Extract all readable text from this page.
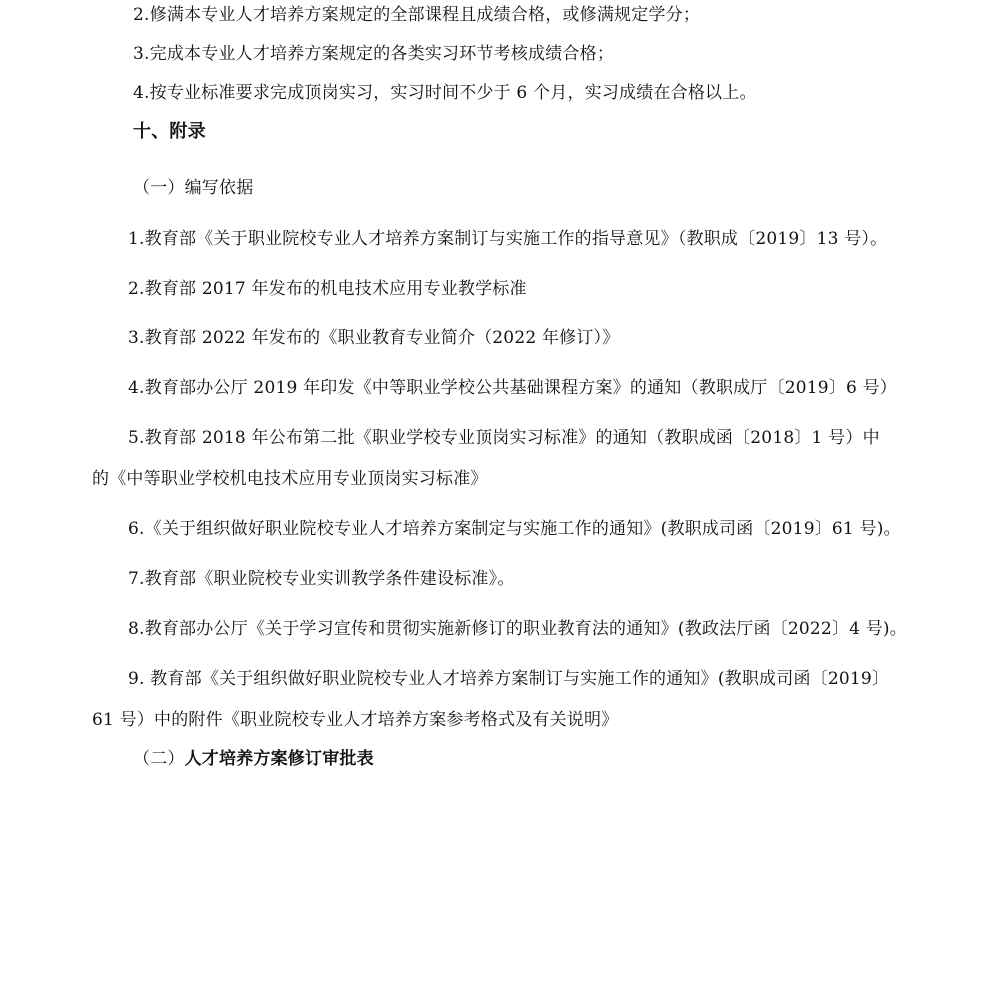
2.修满本专业人才培养方案规定的全部课程且成绩合格，或修满规定学分；
3.完成本专业人才培养方案规定的各类实习环节考核成绩合格；
4.按专业标准要求完成顶岗实习，实习时间不少于 6 个月，实习成绩在合格以上。
十、附录
（一）编写依据
1.教育部《关于职业院校专业人才培养方案制订与实施工作的指导意见》（教职成〔2019〕13 号）。
2.教育部 2017 年发布的机电技术应用专业教学标准
3.教育部 2022 年发布的《职业教育专业简介（2022 年修订）》
4.教育部办公厅 2019 年印发《中等职业学校公共基础课程方案》的通知（教职成厅〔2019〕6 号）
5.教育部 2018 年公布第二批《职业学校专业顶岗实习标准》的通知（教职成函〔2018〕1 号）中
的《中等职业学校机电技术应用专业顶岗实习标准》
6.《关于组织做好职业院校专业人才培养方案制定与实施工作的通知》(教职成司函〔2019〕61 号)。
7.教育部《职业院校专业实训教学条件建设标准》。
8.教育部办公厅《关于学习宣传和贯彻实施新修订的职业教育法的通知》(教政法厅函〔2022〕4 号)。
9. 教育部《关于组织做好职业院校专业人才培养方案制订与实施工作的通知》(教职成司函〔2019〕
61 号）中的附件《职业院校专业人才培养方案参考格式及有关说明》
（二）人才培养方案修订审批表
